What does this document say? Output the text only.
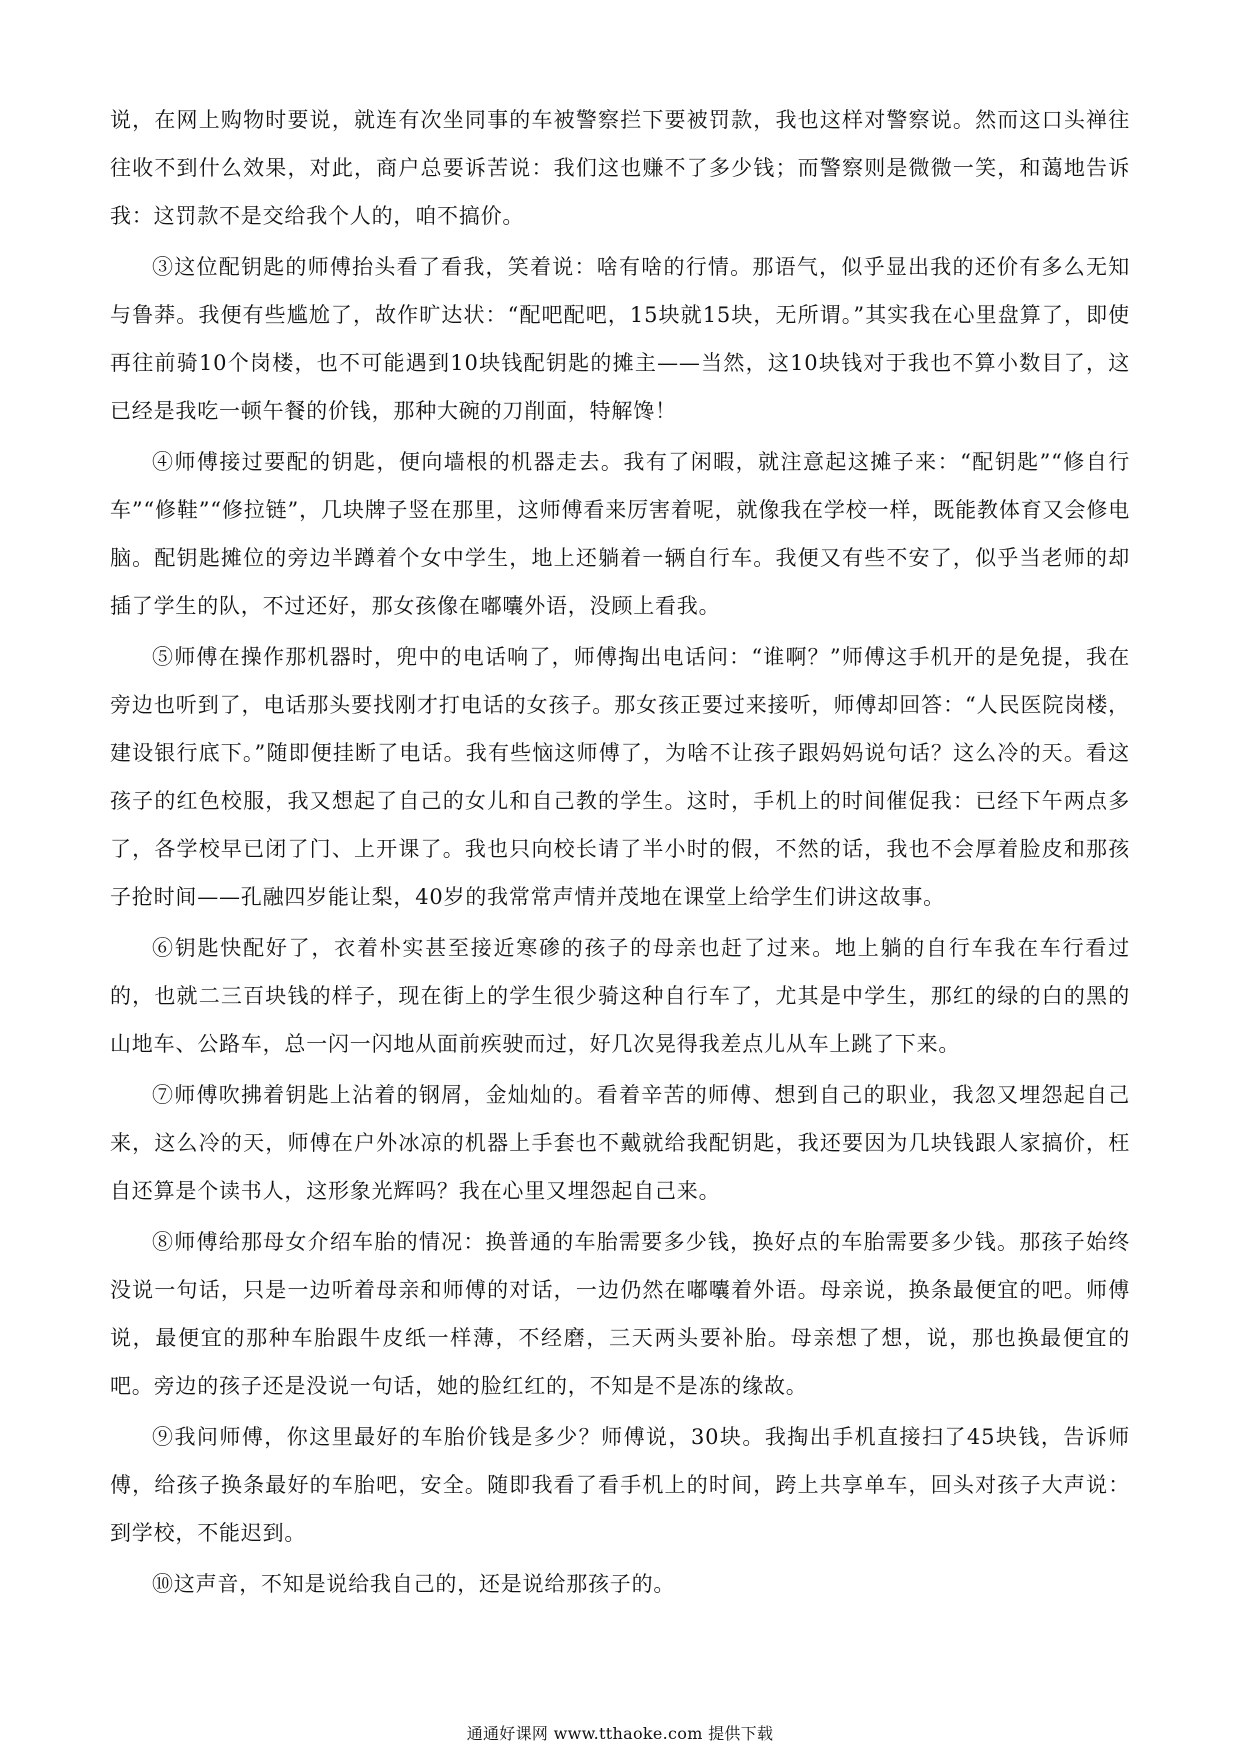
说，在网上购物时要说，就连有次坐同事的车被警察拦下要被罚款，我也这样对警察说。然而这口头禅往往收不到什么效果，对此，商户总要诉苦说：我们这也赚不了多少钱；而警察则是微微一笑，和蔼地告诉我：这罚款不是交给我个人的，咱不搞价。

③这位配钥匙的师傅抬头看了看我，笑着说：啥有啥的行情。那语气，似乎显出我的还价有多么无知与鲁莽。我便有些尴尬了，故作旷达状：“配吧配吧，15块就15块，无所谓。”其实我在心里盘算了，即使再往前骑10个岗楼，也不可能遇到10块钱配钥匙的摊主——当然，这10块钱对于我也不算小数目了，这已经是我吃一顿午餐的价钱，那种大碗的刀削面，特解馋！

④师傅接过要配的钥匙，便向墙根的机器走去。我有了闲暇，就注意起这摊子来：“配钥匙”“修自行车”“修鞋”“修拉链”，几块牌子竖在那里，这师傅看来厉害着呢，就像我在学校一样，既能教体育又会修电脑。配钥匙摊位的旁边半蹲着个女中学生，地上还躺着一辆自行车。我便又有些不安了，似乎当老师的却插了学生的队，不过还好，那女孩像在嘟囔外语，没顾上看我。

⑤师傅在操作那机器时，兜中的电话响了，师傅掏出电话问：“谁啊？”师傅这手机开的是免提，我在旁边也听到了，电话那头要找刚才打电话的女孩子。那女孩正要过来接听，师傅却回答：“人民医院岗楼，建设银行底下。”随即便挂断了电话。我有些恼这师傅了，为啥不让孩子跟妈妈说句话？这么冷的天。看这孩子的红色校服，我又想起了自己的女儿和自己教的学生。这时，手机上的时间催促我：已经下午两点多了，各学校早已闭了门、上开课了。我也只向校长请了半小时的假，不然的话，我也不会厚着脸皮和那孩子抢时间——孔融四岁能让梨，40岁的我常常声情并茂地在课堂上给学生们讲这故事。

⑥钥匙快配好了，衣着朴实甚至接近寒碜的孩子的母亲也赶了过来。地上躺的自行车我在车行看过的，也就二三百块钱的样子，现在街上的学生很少骑这种自行车了，尤其是中学生，那红的绿的白的黑的山地车、公路车，总一闪一闪地从面前疾驶而过，好几次晃得我差点儿从车上跳了下来。

⑦师傅吹拂着钥匙上沾着的钢屑，金灿灿的。看着辛苦的师傅、想到自己的职业，我忽又埋怨起自己来，这么冷的天，师傅在户外冰凉的机器上手套也不戴就给我配钥匙，我还要因为几块钱跟人家搞价，枉自还算是个读书人，这形象光辉吗？我在心里又埋怨起自己来。

⑧师傅给那母女介绍车胎的情况：换普通的车胎需要多少钱，换好点的车胎需要多少钱。那孩子始终没说一句话，只是一边听着母亲和师傅的对话，一边仍然在嘟囔着外语。母亲说，换条最便宜的吧。师傅说，最便宜的那种车胎跟牛皮纸一样薄，不经磨，三天两头要补胎。母亲想了想，说，那也换最便宜的吧。旁边的孩子还是没说一句话，她的脸红红的，不知是不是冻的缘故。

⑨我问师傅，你这里最好的车胎价钱是多少？师傅说，30块。我掏出手机直接扫了45块钱，告诉师傅，给孩子换条最好的车胎吧，安全。随即我看了看手机上的时间，跨上共享单车，回头对孩子大声说：到学校，不能迟到。

⑩这声音，不知是说给我自己的，还是说给那孩子的。

通通好课网 www.tthaoke.com 提供下载
